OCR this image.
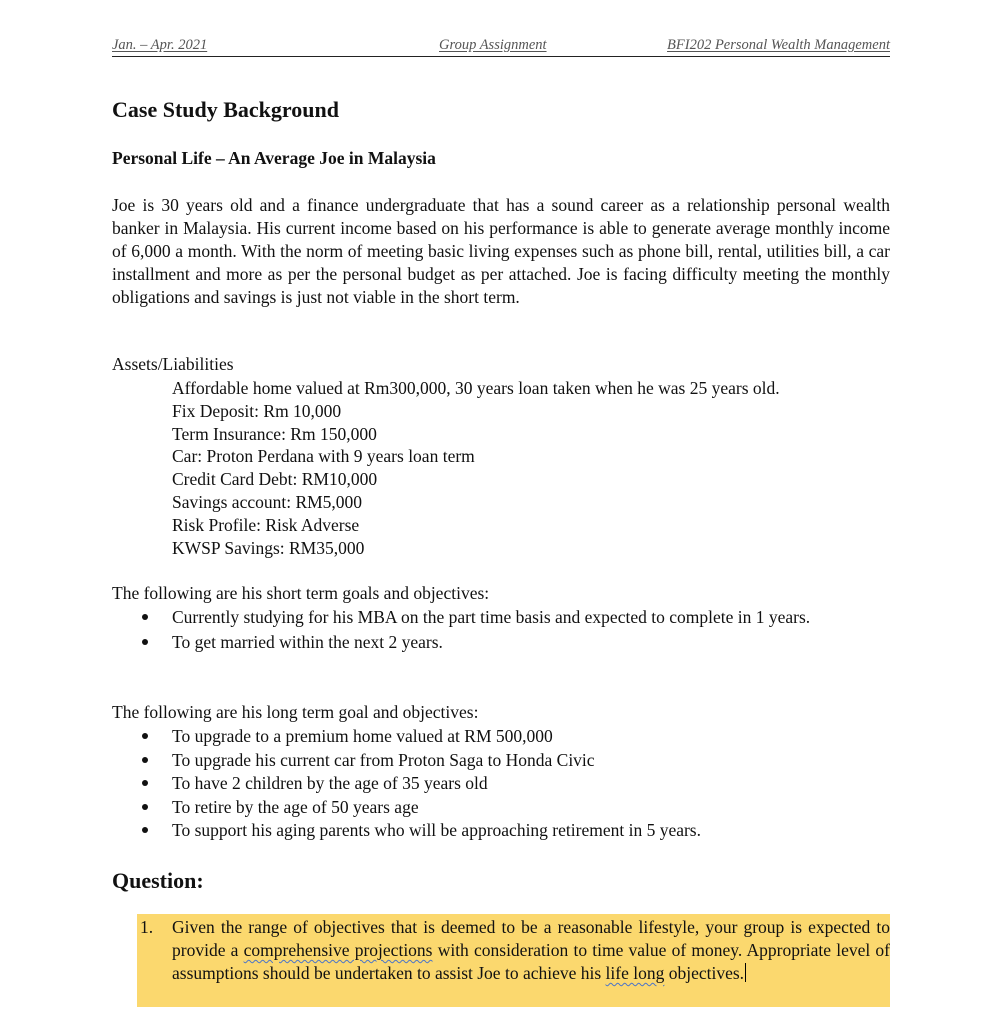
Jan. – Apr. 2021	Group Assignment	BFI202 Personal Wealth Management
Case Study Background
Personal Life – An Average Joe in Malaysia

Joe is 30 years old and a finance undergraduate that has a sound career as a relationship personal wealth banker in Malaysia. His current income based on his performance is able to generate average monthly income of 6,000 a month. With the norm of meeting basic living expenses such as phone bill, rental, utilities bill, a car installment and more as per the personal budget as per attached. Joe is facing difficulty meeting the monthly obligations and savings is just not viable in the short term.

Assets/Liabilities
Affordable home valued at Rm300,000, 30 years loan taken when he was 25 years old.
Fix Deposit: Rm 10,000
Term Insurance: Rm 150,000
Car: Proton Perdana with 9 years loan term
Credit Card Debt: RM10,000
Savings account: RM5,000
Risk Profile: Risk Adverse
KWSP Savings: RM35,000
The following are his short term goals and objectives:
Currently studying for his MBA on the part time basis and expected to complete in 1 years.
To get married within the next 2 years.
The following are his long term goal and objectives:
To upgrade to a premium home valued at RM 500,000
To upgrade his current car from Proton Saga to Honda Civic
To have 2 children by the age of 35 years old
To retire by the age of 50 years age
To support his aging parents who will be approaching retirement in 5 years.
Question:
1. Given the range of objectives that is deemed to be a reasonable lifestyle, your group is expected to provide a comprehensive projections with consideration to time value of money. Appropriate level of assumptions should be undertaken to assist Joe to achieve his life long objectives.
